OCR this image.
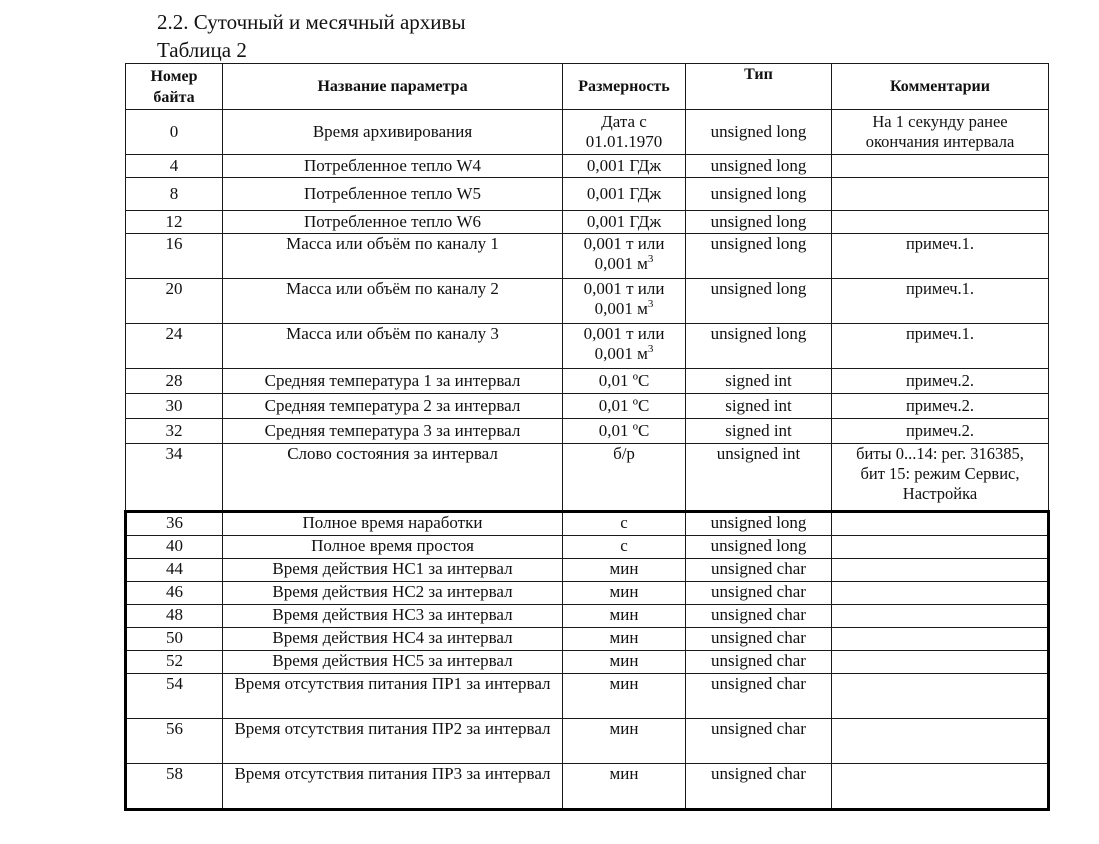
2.2. Суточный и месячный архивы
Таблица 2
Номер байта	Название параметра	Размерность	Тип	Комментарии
0	Время архивирования	Дата с 01.01.1970	unsigned long	На 1 секунду ранее окончания интервала
4	Потребленное тепло W4	0,001 ГДж	unsigned long	
8	Потребленное тепло W5	0,001 ГДж	unsigned long	
12	Потребленное тепло W6	0,001 ГДж	unsigned long	
16	Масса или объём по каналу 1	0,001 т или
0,001 $м^3$	unsigned long	примеч.1.
20	Масса или объём по каналу 2	0,001 т или
0,001 $м^3$	unsigned long	примеч.1.
24	Масса или объём по каналу 3	0,001 т или
0,001 $м^3$	unsigned long	примеч.1.
28	Средняя температура 1 за интервал	0,01 ºС	signed int	примеч.2.
30	Средняя температура 2 за интервал	0,01 ºС	signed int	примеч.2.
32	Средняя температура 3 за интервал	0,01 ºС	signed int	примеч.2.
34	Слово состояния за интервал	б/р	unsigned int	биты 0...14: рег. 316385,
бит 15: режим Сервис,
Настройка

36	Полное время наработки	с	unsigned long	
40	Полное время простоя	с	unsigned long	
44	Время действия НС1 за интервал	мин	unsigned char	
46	Время действия НС2 за интервал	мин	unsigned char	
48	Время действия НС3 за интервал	мин	unsigned char	
50	Время действия НС4 за интервал	мин	unsigned char	
52	Время действия НС5 за интервал	мин	unsigned char	
54	Время отсутствия питания ПР1 за интервал	мин	unsigned char	
56	Время отсутствия питания ПР2 за интервал	мин	unsigned char	
58	Время отсутствия питания ПР3 за интервал	мин	unsigned char	
